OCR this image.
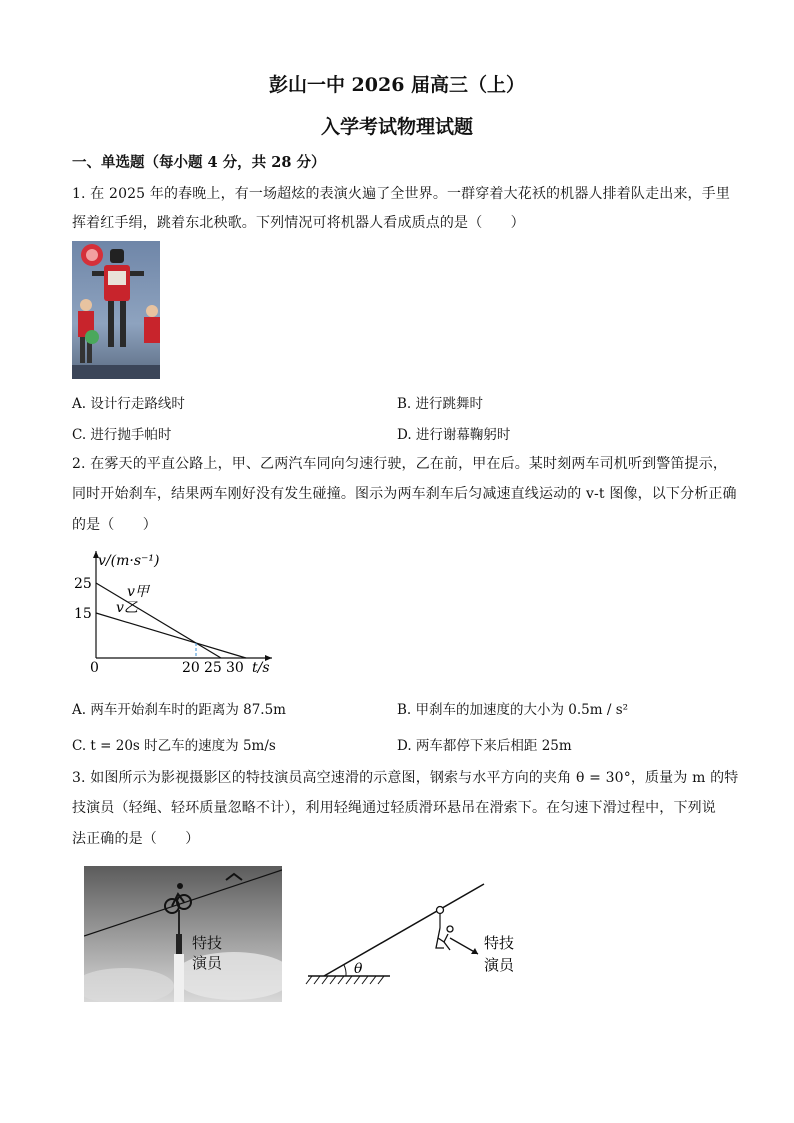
彭山一中 2026 届高三（上）
入学考试物理试题
一、单选题（每小题 4 分，共 28 分）
1. 在 2025 年的春晚上，有一场超炫的表演火遍了全世界。一群穿着大花袄的机器人排着队走出来，手里
挥着红手绢，跳着东北秧歌。下列情况可将机器人看成质点的是（　　）
A. 设计行走路线时	B. 进行跳舞时
C. 进行抛手帕时	D. 进行谢幕鞠躬时
2. 在雾天的平直公路上，甲、乙两汽车同向匀速行驶，乙在前，甲在后。某时刻两车司机听到警笛提示，
同时开始刹车，结果两车刚好没有发生碰撞。图示为两车刹车后匀减速直线运动的 v-t 图像，以下分析正确
的是（　　）
v/(m·s⁻¹)
t/s
0
25
15
20 25 30
v甲
v乙
A. 两车开始刹车时的距离为 87.5m	B. 甲刹车的加速度的大小为 0.5m / s²
C. t = 20s 时乙车的速度为 5m/s	D. 两车都停下来后相距 25m
3. 如图所示为影视摄影区的特技演员高空速滑的示意图，钢索与水平方向的夹角 θ = 30°，质量为 m 的特
技演员（轻绳、轻环质量忽略不计），利用轻绳通过轻质滑环悬吊在滑索下。在匀速下滑过程中，下列说
法正确的是（　　）
特技
演员	θ
特技
演员
